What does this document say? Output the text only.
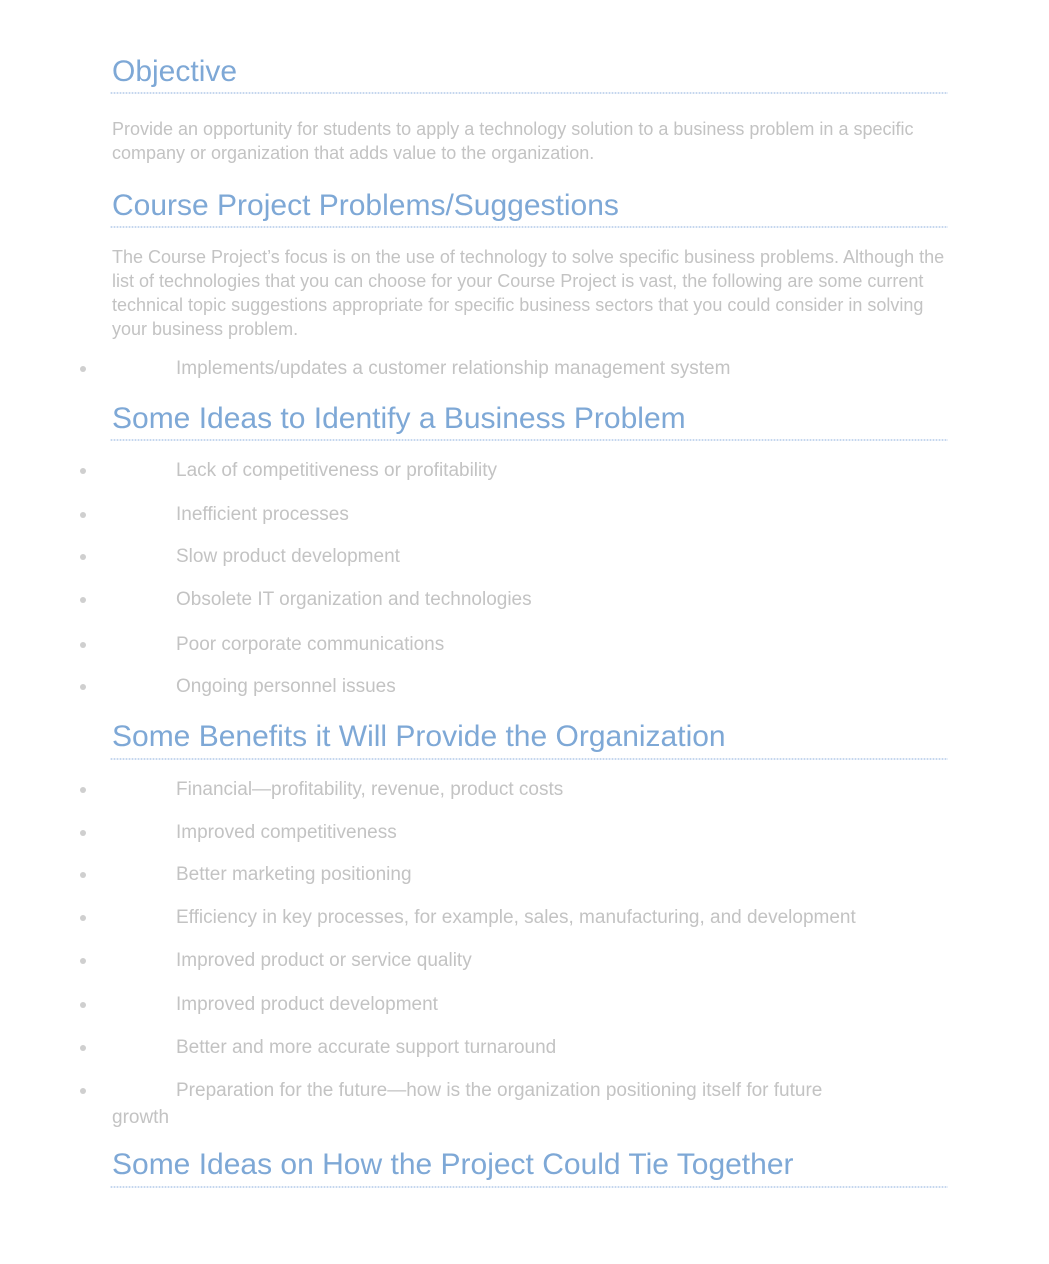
Objective

Provide an opportunity for students to apply a technology solution to a business problem in a specific company or organization that adds value to the organization.

Course Project Problems/Suggestions

The Course Project’s focus is on the use of technology to solve specific business problems. Although the list of technologies that you can choose for your Course Project is vast, the following are some current technical topic suggestions appropriate for specific business sectors that you could consider in solving your business problem.

Implements/updates a customer relationship management system
Some Ideas to Identify a Business Problem
Lack of competitiveness or profitability
Inefficient processes
Slow product development
Obsolete IT organization and technologies
Poor corporate communications
Ongoing personnel issues
Some Benefits it Will Provide the Organization
Financial—profitability, revenue, product costs
Improved competitiveness
Better marketing positioning
Efficiency in key processes, for example, sales, manufacturing, and development
Improved product or service quality
Improved product development
Better and more accurate support turnaround
Preparation for the future—how is the organization positioning itself for future
growth
Some Ideas on How the Project Could Tie Together
